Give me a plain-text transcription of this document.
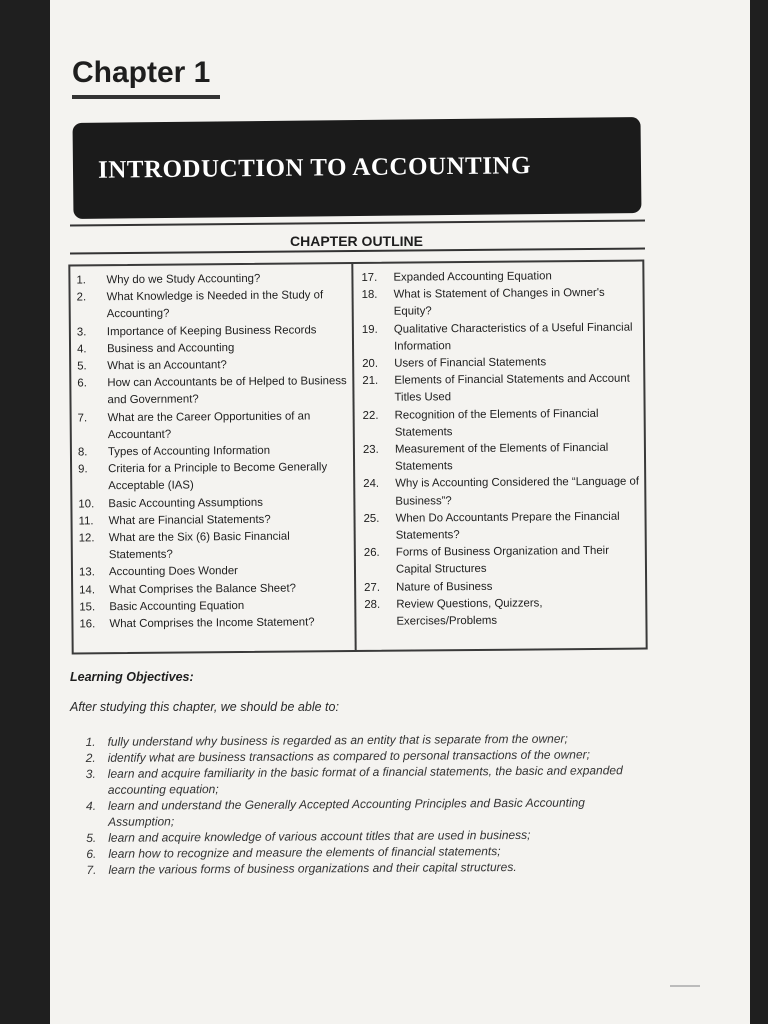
Chapter 1
INTRODUCTION TO ACCOUNTING
CHAPTER OUTLINE
1.	Why do we Study Accounting?
2.	What Knowledge is Needed in the Study of Accounting?
3.	Importance of Keeping Business Records
4.	Business and Accounting
5.	What is an Accountant?
6.	How can Accountants be of Helped to Business and Government?
7.	What are the Career Opportunities of an Accountant?
8.	Types of Accounting Information
9.	Criteria for a Principle to Become Generally Acceptable (IAS)
10.	Basic Accounting Assumptions
11.	What are Financial Statements?
12.	What are the Six (6) Basic Financial Statements?
13.	Accounting Does Wonder
14.	What Comprises the Balance Sheet?
15.	Basic Accounting Equation
16.	What Comprises the Income Statement?
17.	Expanded Accounting Equation
18.	What is Statement of Changes in Owner's Equity?
19.	Qualitative Characteristics of a Useful Financial Information
20.	Users of Financial Statements
21.	Elements of Financial Statements and Account Titles Used
22.	Recognition of the Elements of Financial Statements
23.	Measurement of the Elements of Financial Statements
24.	Why is Accounting Considered the “Language of Business”?
25.	When Do Accountants Prepare the Financial Statements?
26.	Forms of Business Organization and Their Capital Structures
27.	Nature of Business
28.	Review Questions, Quizzers, Exercises/Problems

Learning Objectives:

After studying this chapter, we should be able to:

1. fully understand why business is regarded as an entity that is separate from the owner;
2. identify what are business transactions as compared to personal transactions of the owner;
3. learn and acquire familiarity in the basic format of a financial statements, the basic and expanded accounting equation;
4. learn and understand the Generally Accepted Accounting Principles and Basic Accounting Assumption;
5. learn and acquire knowledge of various account titles that are used in business;
6. learn how to recognize and measure the elements of financial statements;
7. learn the various forms of business organizations and their capital structures.
